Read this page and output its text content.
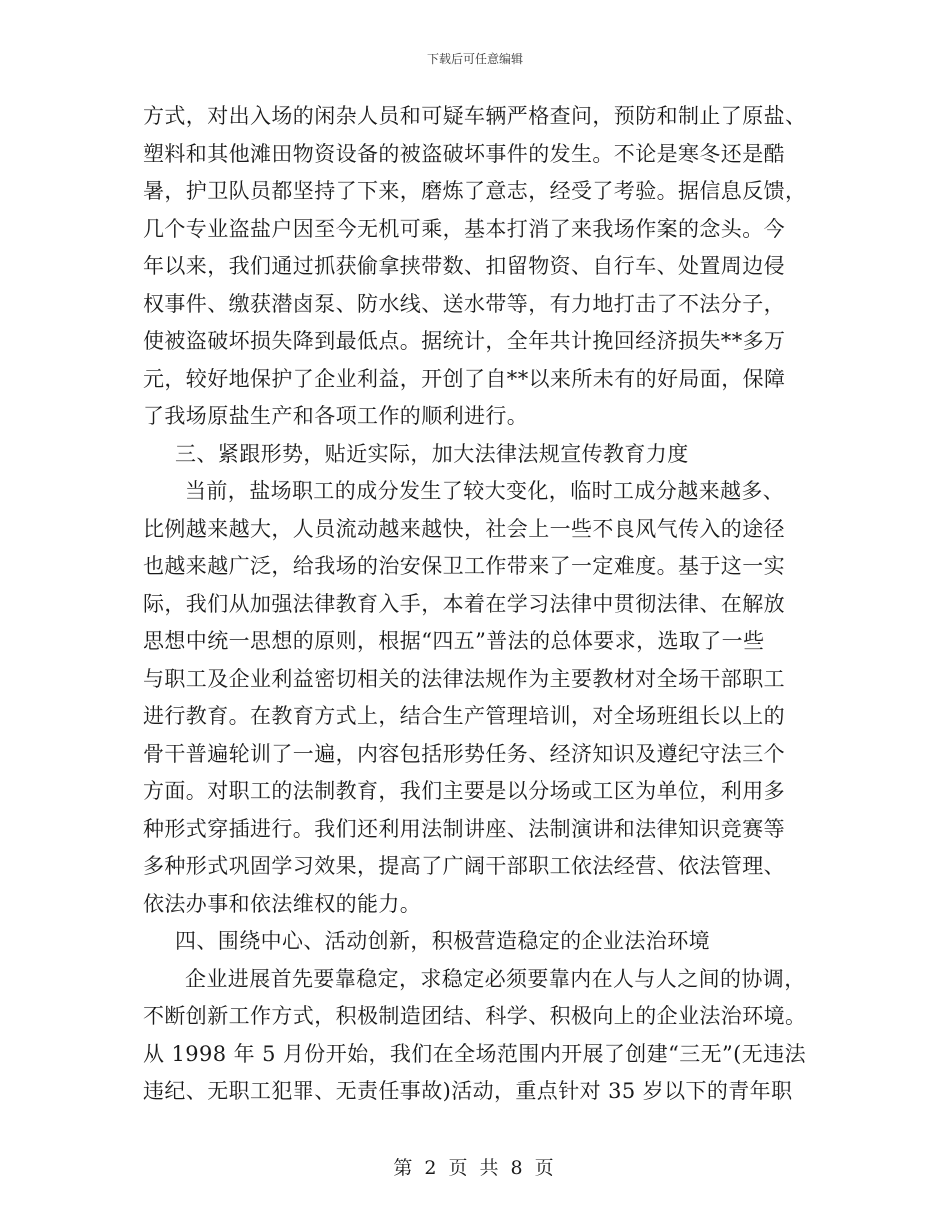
下载后可任意编辑
方式，对出入场的闲杂人员和可疑车辆严格查问，预防和制止了原盐、
塑料和其他滩田物资设备的被盗破坏事件的发生。不论是寒冬还是酷
暑，护卫队员都坚持了下来，磨炼了意志，经受了考验。据信息反馈，
几个专业盗盐户因至今无机可乘，基本打消了来我场作案的念头。今
年以来，我们通过抓获偷拿挟带数、扣留物资、自行车、处置周边侵
权事件、缴获潜卤泵、防水线、送水带等，有力地打击了不法分子，
使被盗破坏损失降到最低点。据统计，全年共计挽回经济损失**多万
元，较好地保护了企业利益，开创了自**以来所未有的好局面，保障
了我场原盐生产和各项工作的顺利进行。
三、紧跟形势，贴近实际，加大法律法规宣传教育力度
当前，盐场职工的成分发生了较大变化，临时工成分越来越多、
比例越来越大，人员流动越来越快，社会上一些不良风气传入的途径
也越来越广泛，给我场的治安保卫工作带来了一定难度。基于这一实
际，我们从加强法律教育入手，本着在学习法律中贯彻法律、在解放
思想中统一思想的原则，根据“四五”普法的总体要求，选取了一些
与职工及企业利益密切相关的法律法规作为主要教材对全场干部职工
进行教育。在教育方式上，结合生产管理培训，对全场班组长以上的
骨干普遍轮训了一遍，内容包括形势任务、经济知识及遵纪守法三个
方面。对职工的法制教育，我们主要是以分场或工区为单位，利用多
种形式穿插进行。我们还利用法制讲座、法制演讲和法律知识竞赛等
多种形式巩固学习效果，提高了广阔干部职工依法经营、依法管理、
依法办事和依法维权的能力。
四、围绕中心、活动创新，积极营造稳定的企业法治环境
企业进展首先要靠稳定，求稳定必须要靠内在人与人之间的协调，
不断创新工作方式，积极制造团结、科学、积极向上的企业法治环境。
从 1998 年 5 月份开始，我们在全场范围内开展了创建“三无”(无违法
违纪、无职工犯罪、无责任事故)活动，重点针对 35 岁以下的青年职
第 2 页 共 8 页
